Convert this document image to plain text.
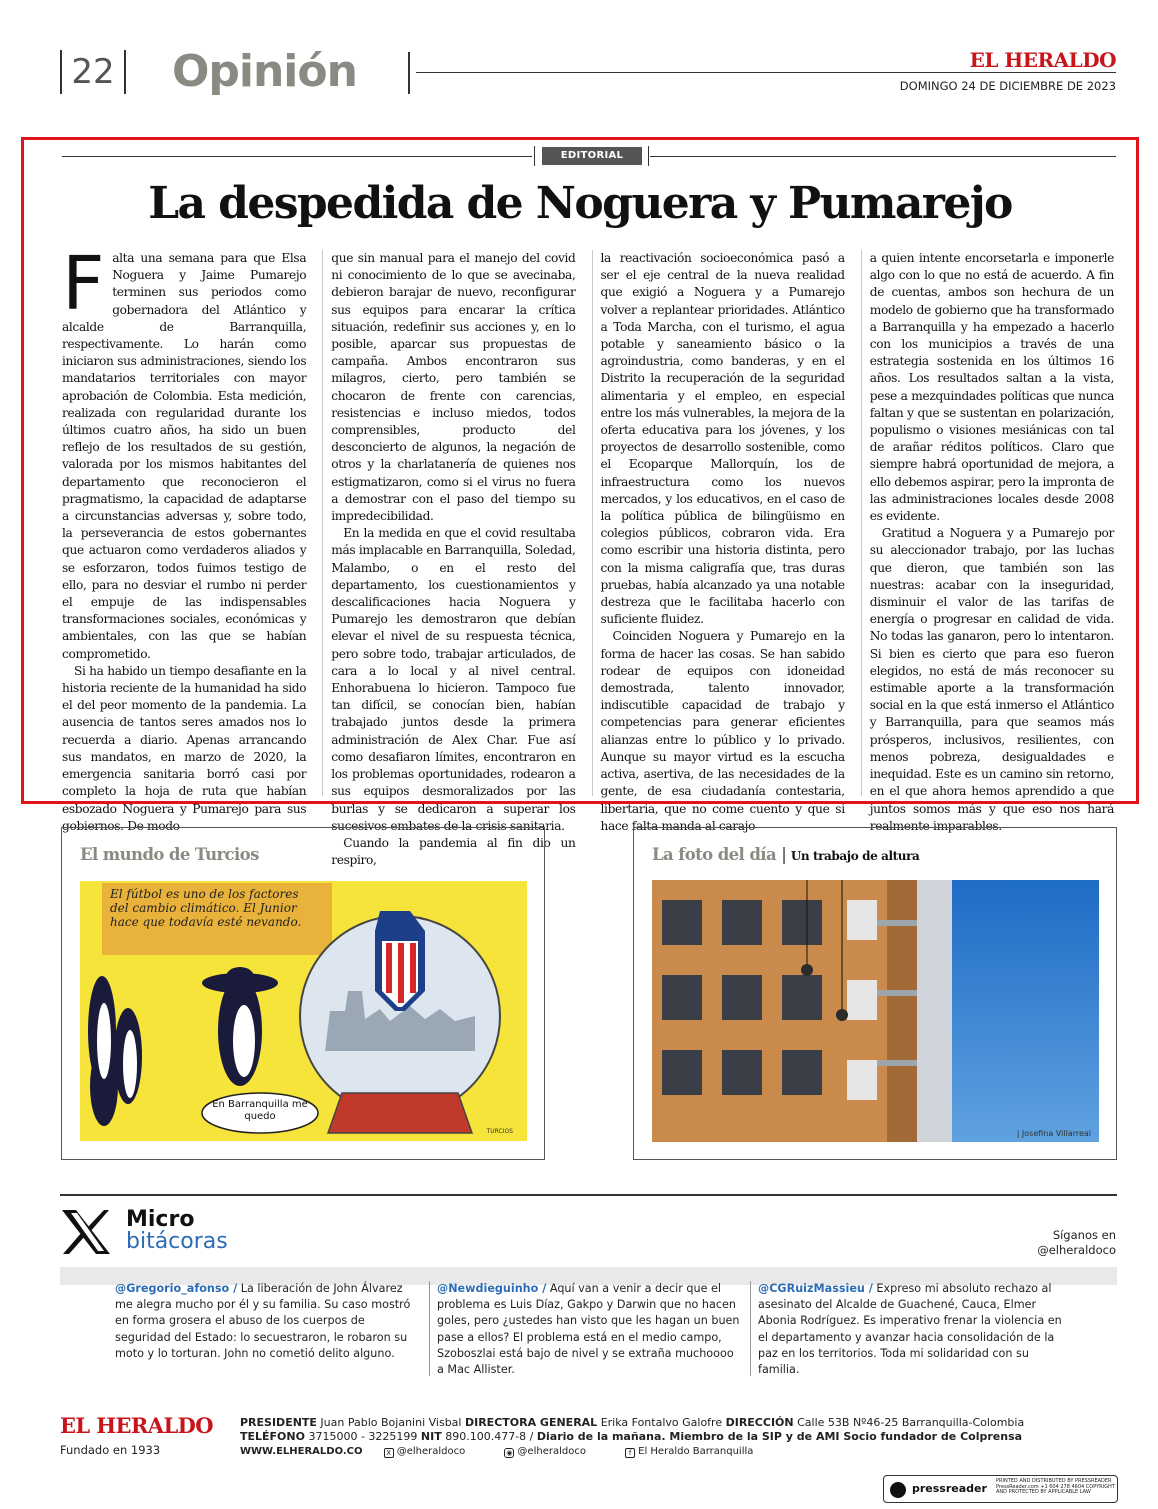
22 Opinión	EL HERALDO
DOMINGO 24 DE DICIEMBRE DE 2023
EDITORIAL
La despedida de Noguera y Pumarejo

Falta una semana para que Elsa Noguera y Jaime Pumarejo terminen sus periodos como gobernadora del Atlántico y alcalde de Barranquilla, respectivamente. Lo harán como iniciaron sus administraciones, siendo los mandatarios territoriales con mayor aprobación de Colombia. Esta medición, realizada con regularidad durante los últimos cuatro años, ha sido un buen reflejo de los resultados de su gestión, valorada por los mismos habitantes del departamento que reconocieron el pragmatismo, la capacidad de adaptarse a circunstancias adversas y, sobre todo, la perseverancia de estos gobernantes que actuaron como verdaderos aliados y se esforzaron, todos fuimos testigo de ello, para no desviar el rumbo ni perder el empuje de las indispensables transformaciones sociales, económicas y ambientales, con las que se habían comprometido.

Si ha habido un tiempo desafiante en la historia reciente de la humanidad ha sido el del peor momento de la pandemia. La ausencia de tantos seres amados nos lo recuerda a diario. Apenas arrancando sus mandatos, en marzo de 2020, la emergencia sanitaria borró casi por completo la hoja de ruta que habían esbozado Noguera y Pumarejo para sus gobiernos. De modo

que sin manual para el manejo del covid ni conocimiento de lo que se avecinaba, debieron barajar de nuevo, reconfigurar sus equipos para encarar la crítica situación, redefinir sus acciones y, en lo posible, aparcar sus propuestas de campaña. Ambos encontraron sus milagros, cierto, pero también se chocaron de frente con carencias, resistencias e incluso miedos, todos comprensibles, producto del desconcierto de algunos, la negación de otros y la charlatanería de quienes nos estigmatizaron, como si el virus no fuera a demostrar con el paso del tiempo su impredecibilidad.

En la medida en que el covid resultaba más implacable en Barranquilla, Soledad, Malambo, o en el resto del departamento, los cuestionamientos y descalificaciones hacia Noguera y Pumarejo les demostraron que debían elevar el nivel de su respuesta técnica, pero sobre todo, trabajar articulados, de cara a lo local y al nivel central. Enhorabuena lo hicieron. Tampoco fue tan difícil, se conocían bien, habían trabajado juntos desde la primera administración de Alex Char. Fue así como desafiaron límites, encontraron en los problemas oportunidades, rodearon a sus equipos desmoralizados por las burlas y se dedicaron a superar los sucesivos embates de la crisis sanitaria.

Cuando la pandemia al fin dio un respiro,

la reactivación socioeconómica pasó a ser el eje central de la nueva realidad que exigió a Noguera y a Pumarejo volver a replantear prioridades. Atlántico a Toda Marcha, con el turismo, el agua potable y saneamiento básico o la agroindustria, como banderas, y en el Distrito la recuperación de la seguridad alimentaria y el empleo, en especial entre los más vulnerables, la mejora de la oferta educativa para los jóvenes, y los proyectos de desarrollo sostenible, como el Ecoparque Mallorquín, los de infraestructura como los nuevos mercados, y los educativos, en el caso de la política pública de bilingüismo en colegios públicos, cobraron vida. Era como escribir una historia distinta, pero con la misma caligrafía que, tras duras pruebas, había alcanzado ya una notable destreza que le facilitaba hacerlo con suficiente fluidez.

Coinciden Noguera y Pumarejo en la forma de hacer las cosas. Se han sabido rodear de equipos con idoneidad demostrada, talento innovador, indiscutible capacidad de trabajo y competencias para generar eficientes alianzas entre lo público y lo privado. Aunque su mayor virtud es la escucha activa, asertiva, de las necesidades de la gente, de esa ciudadanía contestaria, libertaria, que no come cuento y que si hace falta manda al carajo

a quien intente encorsetarla e imponerle algo con lo que no está de acuerdo. A fin de cuentas, ambos son hechura de un modelo de gobierno que ha transformado a Barranquilla y ha empezado a hacerlo con los municipios a través de una estrategia sostenida en los últimos 16 años. Los resultados saltan a la vista, pese a mezquindades políticas que nunca faltan y que se sustentan en polarización, populismo o visiones mesiánicas con tal de arañar réditos políticos. Claro que siempre habrá oportunidad de mejora, a ello debemos aspirar, pero la impronta de las administraciones locales desde 2008 es evidente.

Gratitud a Noguera y a Pumarejo por su aleccionador trabajo, por las luchas que dieron, que también son las nuestras: acabar con la inseguridad, disminuir el valor de las tarifas de energía o progresar en calidad de vida. No todas las ganaron, pero lo intentaron. Si bien es cierto que para eso fueron elegidos, no está de más reconocer su estimable aporte a la transformación social en la que está inmerso el Atlántico y Barranquilla, para que seamos más prósperos, inclusivos, resilientes, con menos pobreza, desigualdades e inequidad. Este es un camino sin retorno, en el que ahora hemos aprendido a que juntos somos más y que eso nos hará realmente imparables.

El mundo de Turcios
El fútbol es uno de los factores del cambio climático. El Junior hace que todavía esté nevando.
En Barranquilla me quedo
TURCIOS
La foto del día | Un trabajo de altura
| Josefina Villarreal
Micro
bitácoras	Síganos en
@elheraldoco
@Gregorio_afonso / La liberación de John Álvarez me alegra mucho por él y su familia. Su caso mostró en forma grosera el abuso de los cuerpos de seguridad del Estado: lo secuestraron, le robaron su moto y lo torturan. John no cometió delito alguno.
@Newdieguinho / Aquí van a venir a decir que el problema es Luis Díaz, Gakpo y Darwin que no hacen goles, pero ¿ustedes han visto que les hagan un buen pase a ellos? El problema está en el medio campo, Szoboszlai está bajo de nivel y se extraña muchoooo a Mac Allister.
@CGRuizMassieu / Expreso mi absoluto rechazo al asesinato del Alcalde de Guachené, Cauca, Elmer Abonia Rodríguez. Es imperativo frenar la violencia en el departamento y avanzar hacia consolidación de la paz en los territorios. Toda mi solidaridad con su familia.
EL HERALDO
Fundado en 1933
PRESIDENTE Juan Pablo Bojanini Visbal DIRECTORA GENERAL Erika Fontalvo Galofre DIRECCIÓN Calle 53B Nº46-25 Barranquilla-Colombia
TELÉFONO 3715000 - 3225199 NIT 890.100.477-8 / Diario de la mañana. Miembro de la SIP y de AMI Socio fundador de Colprensa
WWW.ELHERALDO.CO	X @elheraldoco	◉ @elheraldoco	f El Heraldo Barranquilla
pressreader
PRINTED AND DISTRIBUTED BY PRESSREADER PressReader.com +1 604 278 4604 COPYRIGHT AND PROTECTED BY APPLICABLE LAW
